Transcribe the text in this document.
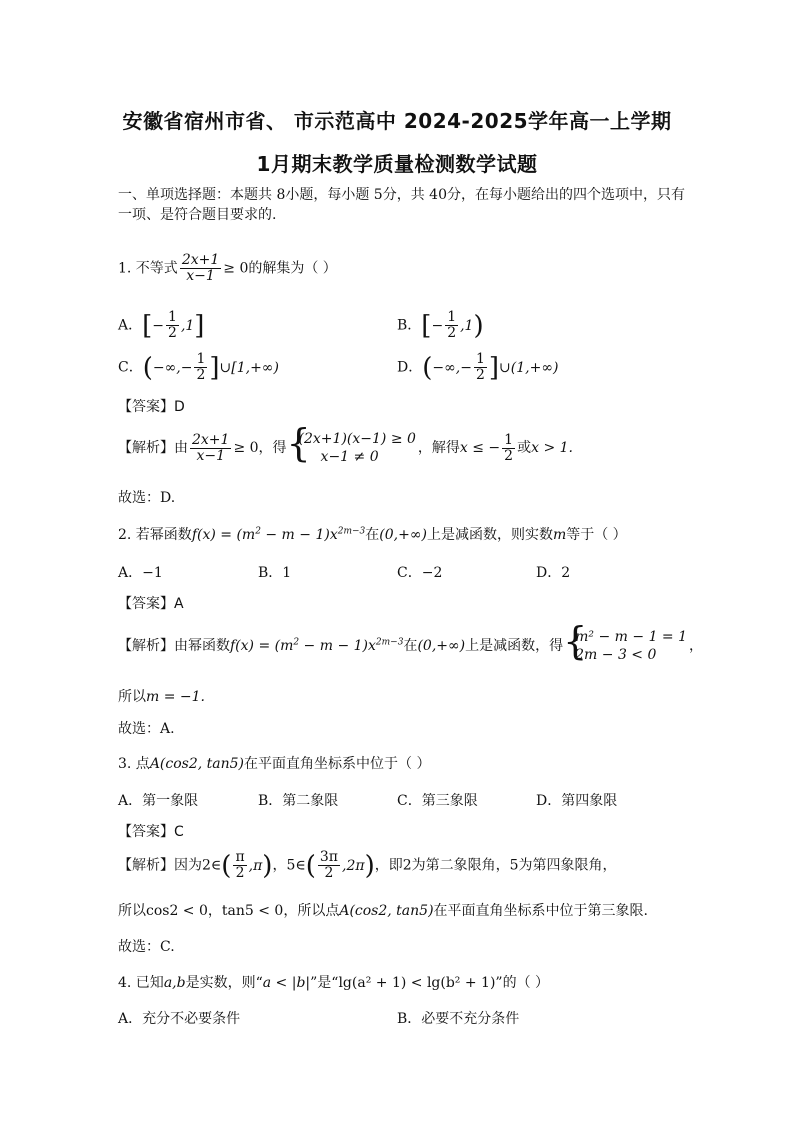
安徽省宿州市省、 市示范高中 2024-2025学年高一上学期
1月期末教学质量检测数学试题
一、单项选择题：本题共 8小题，每小题 5分，共 40分，在每小题给出的四个选项中，只有一项、是符合题目要求的.
1. 不等式 $\frac{2x+1}{x-1} \ge 0$的解集为（ ）
A．[− $\frac{1}{2} ,1$]	B．[− $\frac{1}{2} ,1$)
C．(−∞,− $\frac{1}{2}$ ]∪[1,+∞)	D．(−∞,− $\frac{1}{2}$ ]∪(1,+∞)
【答案】D
【解析】由 $\frac{2x+1}{x-1} \ge 0$，得
{ (2x+1)(x−1) ≥ 0
x−1 ≠ 0
，解得x ≤ − $\frac{1}{2}$ 或x > 1.
故选：D.
2. 若幂函数$f(x) = (m^2 - m - 1)x^{2m-3}$在(0,+∞)上是减函数，则实数m等于（ ）
A．−1	B．1	C．−2	D．2
【答案】A
【解析】由幂函数$f(x) = (m^2 - m - 1)x^{2m-3}$在(0,+∞)上是减函数，得
{ m² − m − 1 = 1
2m − 3 < 0
，
所以m = −1.
故选：A.
3. 点A(cos2, tan5)在平面直角坐标系中位于（ ）
A．第一象限	B．第二象限	C．第三象限	D．第四象限
【答案】C
【解析】因为2∈( $\frac{\pi}{2} ,\pi$)，5∈( $\frac{3\pi}{2} ,2\pi$)，即2为第二象限角，5为第四象限角，
所以cos2 < 0，tan5 < 0，所以点A(cos2, tan5)在平面直角坐标系中位于第三象限.
故选：C.
4. 已知a,b是实数，则“a < |b|”是“lg(a² + 1) < lg(b² + 1)”的（ ）
A．充分不必要条件	B．必要不充分条件
